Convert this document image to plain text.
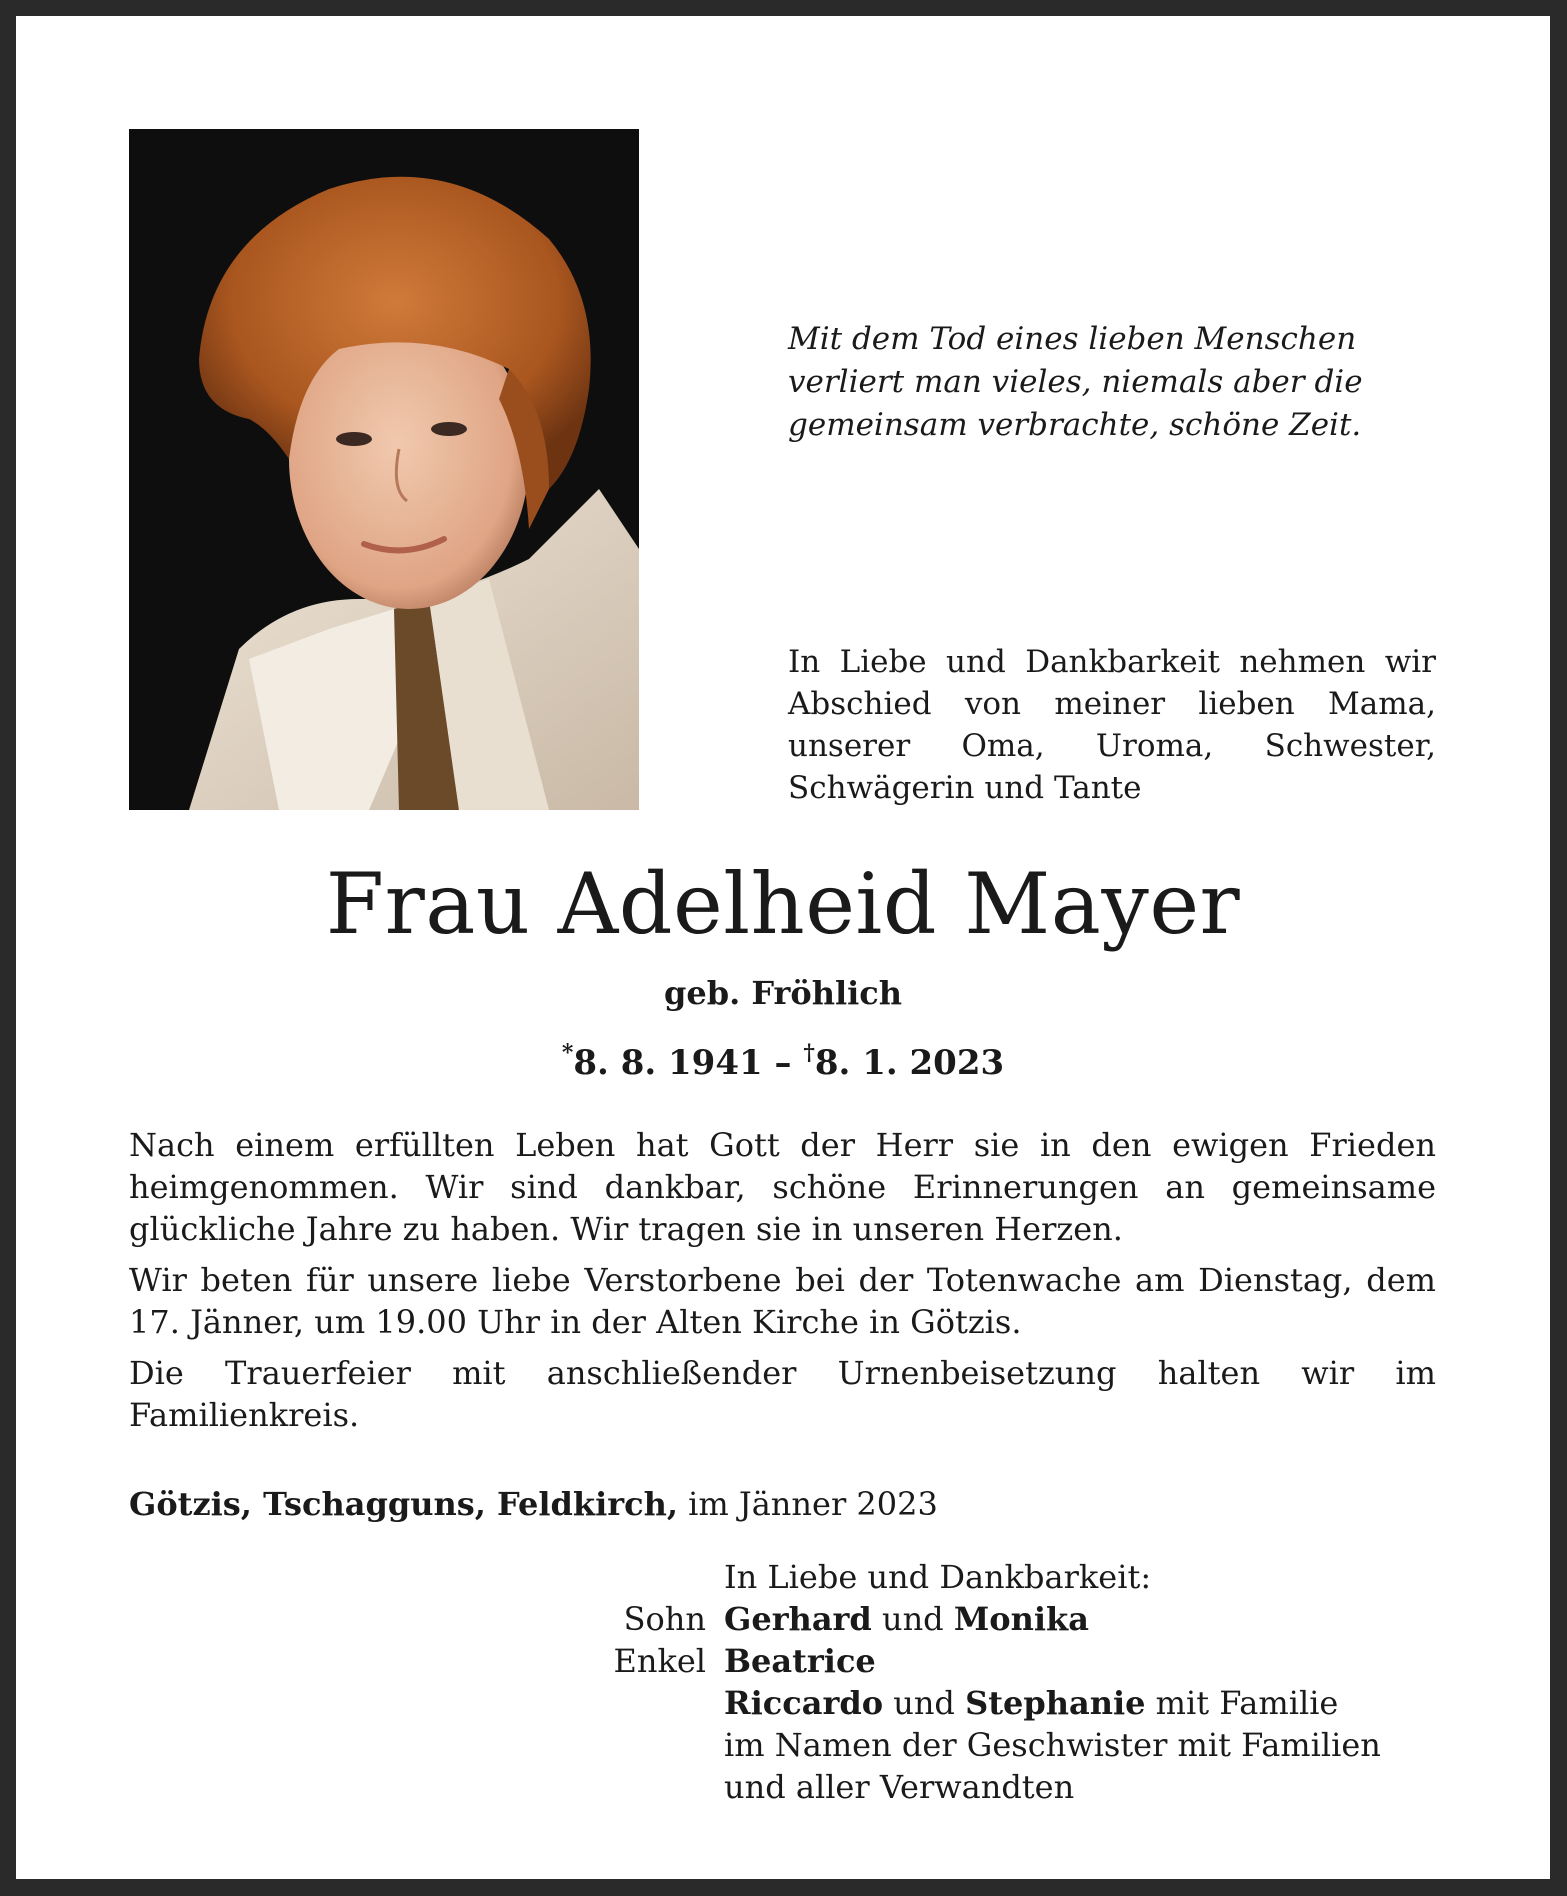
Mit dem Tod eines lieben Menschen
verliert man vieles, niemals aber die
gemeinsam verbrachte, schöne Zeit.
In Liebe und Dankbarkeit nehmen wir Abschied von meiner lieben Mama, unserer Oma, Uroma, Schwester, Schwägerin und Tante
Frau Adelheid Mayer
geb. Fröhlich
*8. 8. 1941 – †8. 1. 2023

Nach einem erfüllten Leben hat Gott der Herr sie in den ewigen Frieden heimgenommen. Wir sind dankbar, schöne Erinnerungen an gemeinsame glückliche Jahre zu haben. Wir tragen sie in unseren Herzen.

Wir beten für unsere liebe Verstorbene bei der Totenwache am Dienstag, dem 17. Jänner, um 19.00 Uhr in der Alten Kirche in Götzis.

Die Trauerfeier mit anschließender Urnenbeisetzung halten wir im Familienkreis.

Götzis, Tschagguns, Feldkirch, im Jänner 2023
In Liebe und Dankbarkeit:
Sohn Gerhard und Monika
Enkel Beatrice
Riccardo und Stephanie mit Familie
im Namen der Geschwister mit Familien
und aller Verwandten
